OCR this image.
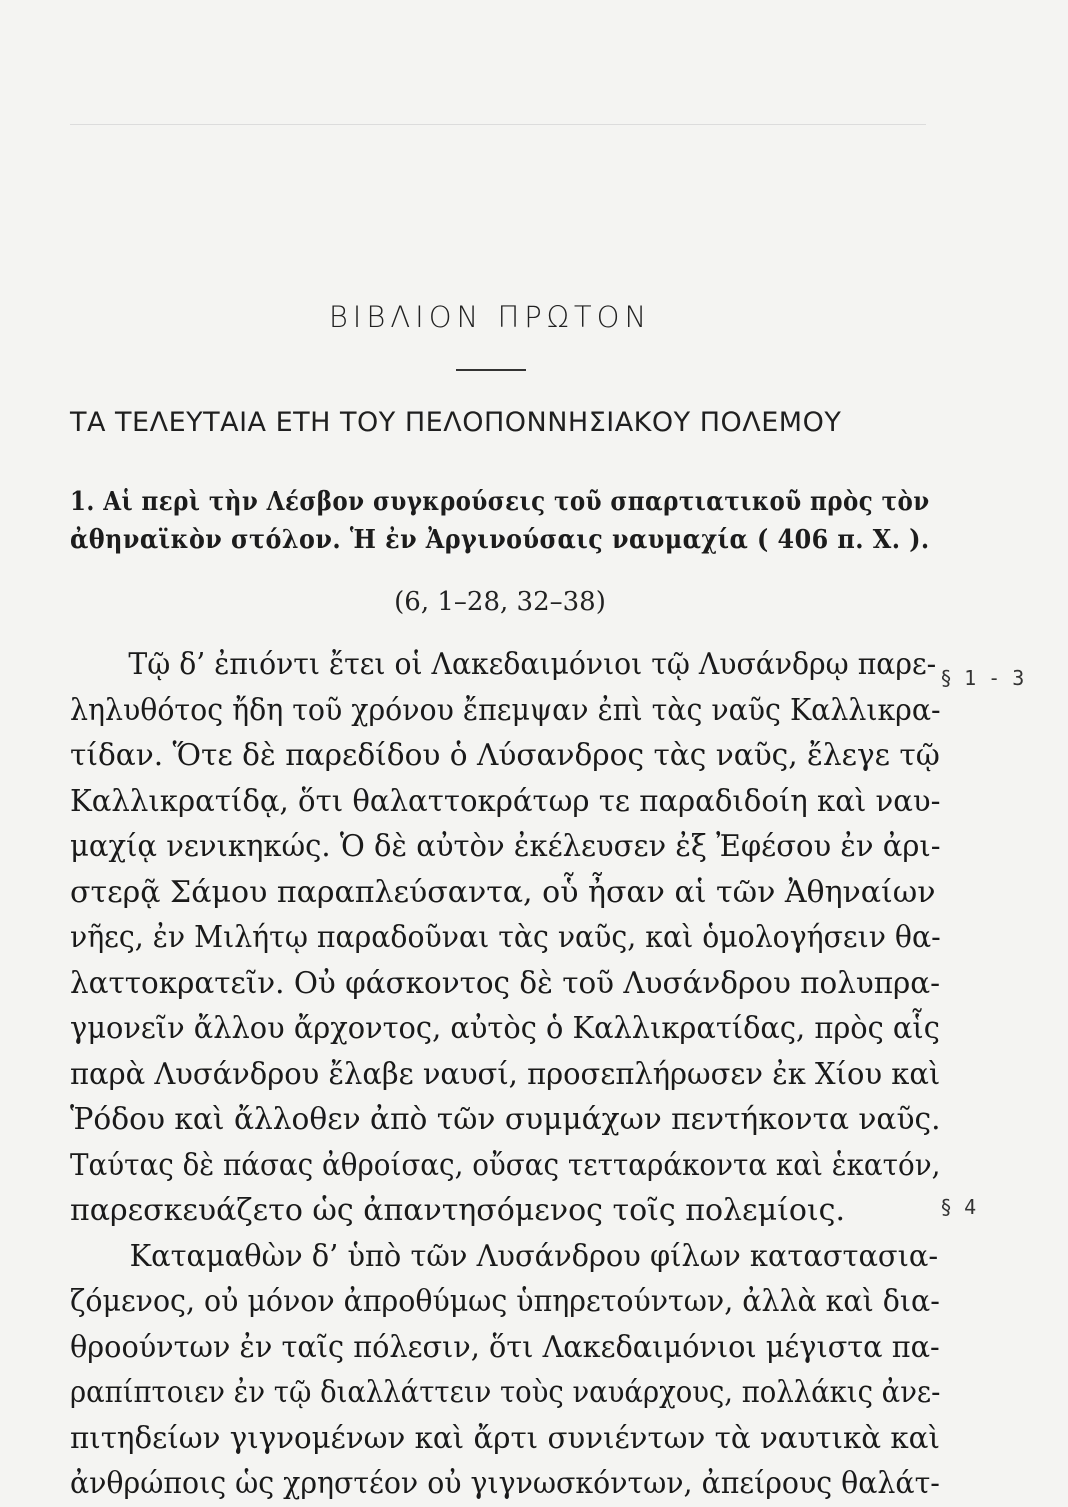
ΒΙΒΛΙΟΝ ΠΡΩΤΟΝ
ΤΑ ΤΕΛΕΥΤΑΙΑ ΕΤΗ ΤΟΥ ΠΕΛΟΠΟΝΝΗΣΙΑΚΟΥ ΠΟΛΕΜΟΥ
1. Αἱ περὶ τὴν Λέσβον συγκρούσεις τοῦ σπαρτιατικοῦ πρὸς τὸν ἀθηναϊκὸν στόλον. Ἡ ἐν Ἀργινούσαις ναυμαχία ( 406 π. Χ. ).
(6, 1–28, 32–38)
§ 1 - 3
§ 4
Τῷ δ’ ἐπιόντι ἔτει οἱ Λακεδαιμόνιοι τῷ Λυσάνδρῳ παρε-
ληλυθότος ἤδη τοῦ χρόνου ἔπεμψαν ἐπὶ τὰς ναῦς Καλλικρα-
τίδαν. Ὅτε δὲ παρεδίδου ὁ Λύσανδρος τὰς ναῦς, ἔλεγε τῷ
Καλλικρατίδᾳ, ὅτι θαλαττοκράτωρ τε παραδιδοίη καὶ ναυ-
μαχίᾳ νενικηκώς. Ὁ δὲ αὐτὸν ἐκέλευσεν ἐξ Ἐφέσου ἐν ἀρι-
στερᾷ Σάμου παραπλεύσαντα, οὗ ἦσαν αἱ τῶν Ἀθηναίων
νῆες, ἐν Μιλήτῳ παραδοῦναι τὰς ναῦς, καὶ ὁμολογήσειν θα-
λαττοκρατεῖν. Οὐ φάσκοντος δὲ τοῦ Λυσάνδρου πολυπρα-
γμονεῖν ἄλλου ἄρχοντος, αὐτὸς ὁ Καλλικρατίδας, πρὸς αἷς
παρὰ Λυσάνδρου ἔλαβε ναυσί, προσεπλήρωσεν ἐκ Χίου καὶ
Ῥόδου καὶ ἄλλοθεν ἀπὸ τῶν συμμάχων πεντήκοντα ναῦς.
Ταύτας δὲ πάσας ἀθροίσας, οὔσας τετταράκοντα καὶ ἑκατόν,
παρεσκευάζετο ὡς ἀπαντησόμενος τοῖς πολεμίοις.
Καταμαθὼν δ’ ὑπὸ τῶν Λυσάνδρου φίλων καταστασια-
ζόμενος, οὐ μόνον ἀπροθύμως ὑπηρετούντων, ἀλλὰ καὶ δια-
θροούντων ἐν ταῖς πόλεσιν, ὅτι Λακεδαιμόνιοι μέγιστα πα-
ραπίπτοιεν ἐν τῷ διαλλάττειν τοὺς ναυάρχους, πολλάκις ἀνε-
πιτηδείων γιγνομένων καὶ ἄρτι συνιέντων τὰ ναυτικὰ καὶ
ἀνθρώποις ὡς χρηστέον οὐ γιγνωσκόντων, ἀπείρους θαλάτ-
